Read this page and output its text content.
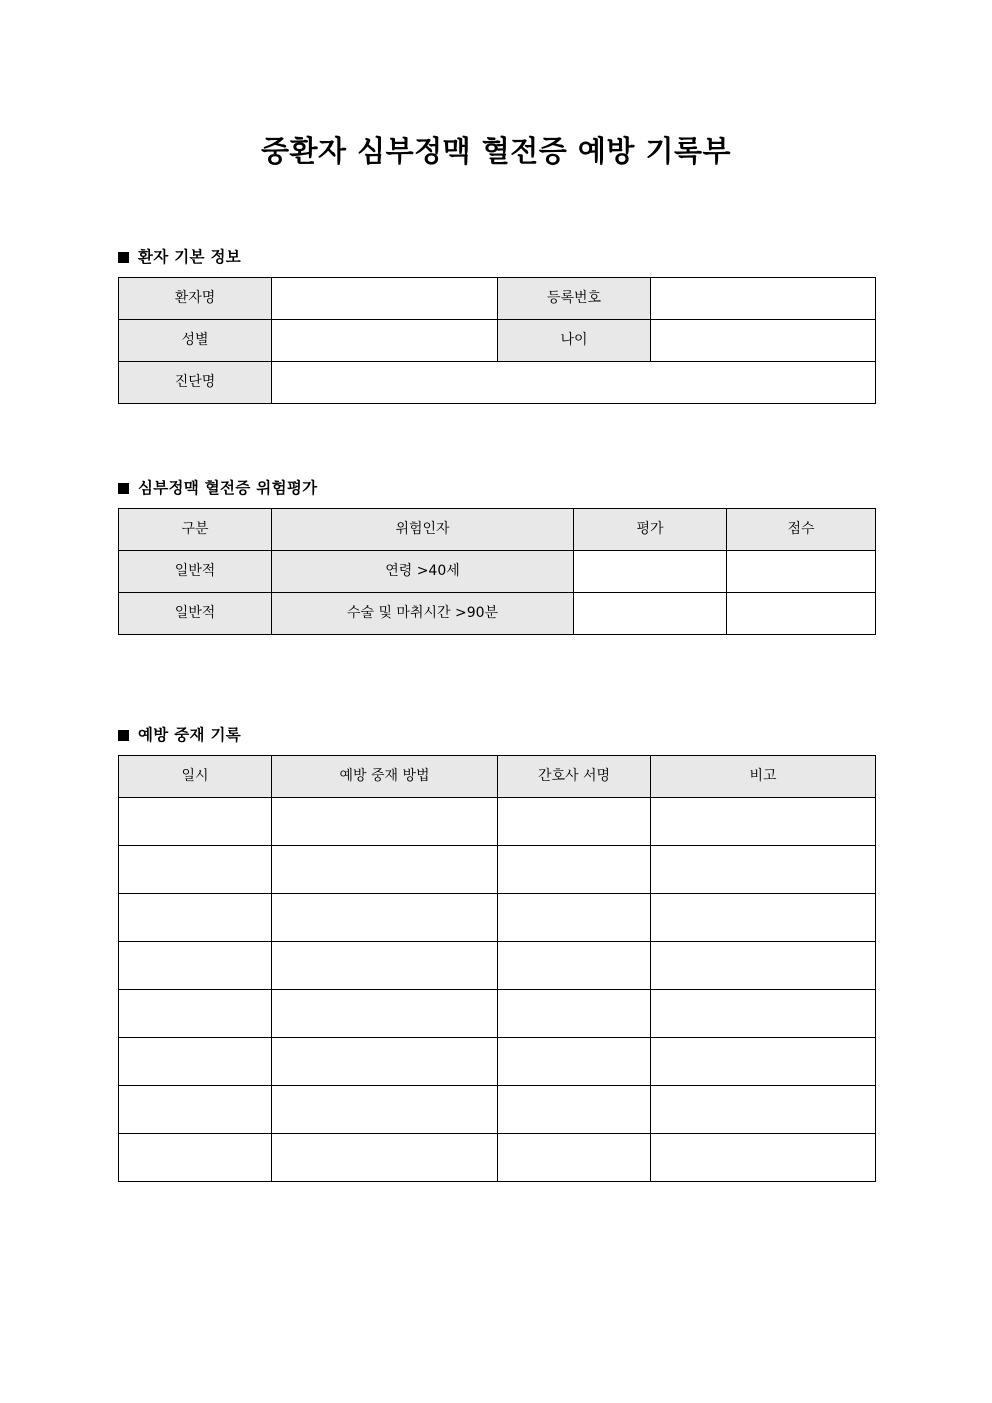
중환자 심부정맥 혈전증 예방 기록부
환자 기본 정보
환자명		등록번호	
성별		나이	
진단명			
심부정맥 혈전증 위험평가
구분	위험인자	평가	점수
일반적	연령 >40세		
일반적	수술 및 마취시간 >90분		
예방 중재 기록
일시	예방 중재 방법	간호사 서명	비고
